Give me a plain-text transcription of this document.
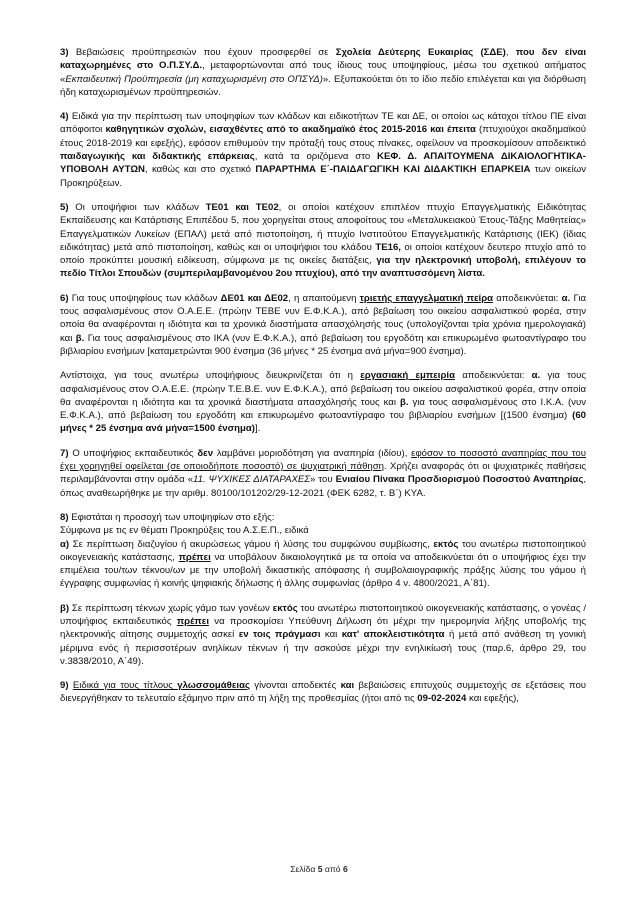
3) Βεβαιώσεις προϋπηρεσιών που έχουν προσφερθεί σε Σχολεία Δεύτερης Ευκαιρίας (ΣΔΕ), που δεν είναι καταχωρημένες στο Ο.Π.ΣΥ.Δ., μεταφορτώνονται από τους ίδιους τους υποψηφίους, μέσω του σχετικού αιτήματος «Εκπαιδευτική Προϋπηρεσία (μη καταχωρισμένη στο ΟΠΣΥΔ)». Εξυπακούεται ότι το ίδιο πεδίο επιλέγεται και για διόρθωση ήδη καταχωρισμένων προϋπηρεσιών.

4) Ειδικά για την περίπτωση των υποψηφίων των κλάδων και ειδικοτήτων ΤΕ και ΔΕ, οι οποίοι ως κάτοχοι τίτλου ΠΕ είναι απόφοιτοι καθηγητικών σχολών, εισαχθέντες από το ακαδημαϊκό έτος 2015-2016 και έπειτα (πτυχιούχοι ακαδημαϊκού έτους 2018-2019 και εφεξής), εφόσον επιθυμούν την πρόταξή τους στους πίνακες, οφείλουν να προσκομίσουν αποδεικτικό παιδαγωγικής και διδακτικής επάρκειας, κατά τα οριζόμενα στο ΚΕΦ. Δ. ΑΠΑΙΤΟΥΜΕΝΑ ΔΙΚΑΙΟΛΟΓΗΤΙΚΑ-ΥΠΟΒΟΛΗ ΑΥΤΩΝ, καθώς και στο σχετικό ΠΑΡΑΡΤΗΜΑ Ε΄-ΠΑΙΔΑΓΩΓΙΚΗ ΚΑΙ ΔΙΔΑΚΤΙΚΗ ΕΠΑΡΚΕΙΑ των οικείων Προκηρύξεων.

5) Οι υποψήφιοι των κλάδων ΤΕ01 και ΤΕ02, οι οποίοι κατέχουν επιπλέον πτυχίο Επαγγελματικής Ειδικότητας Εκπαίδευσης και Κατάρτισης Επιπέδου 5, που χορηγείται στους αποφοίτους του «Μεταλυκειακού Έτους-Τάξης Μαθητείας» Επαγγελματικών Λυκείων (ΕΠΑΛ) μετά από πιστοποίηση, ή πτυχίο Ινστιτούτου Επαγγελματικής Κατάρτισης (ΙΕΚ) (ίδιας ειδικότητας) μετά από πιστοποίηση, καθώς και οι υποψήφιοι του κλάδου ΤΕ16, οι οποίοι κατέχουν δευτερο πτυχίο από το οποίο προκύπτει μουσική ειδίκευση, σύμφωνα με τις οικείες διατάξεις, για την ηλεκτρονική υποβολή, επιλέγουν το πεδίο Τίτλοι Σπουδών (συμπεριλαμβανομένου 2ου πτυχίου), από την αναπτυσσόμενη λίστα.

6) Για τους υποψηφίους των κλάδων ΔΕ01 και ΔΕ02, η απαιτούμενη τριετής επαγγελματική πείρα αποδεικνύεται: α. Για τους ασφαλισμένους στον Ο.Α.Ε.Ε. (πρώην ΤΕΒΕ νυν Ε.Φ.Κ.Α.), από βεβαίωση του οικείου ασφαλιστικού φορέα, στην οποία θα αναφέρονται η ιδιότητα και τα χρονικά διαστήματα απασχόλησής τους (υπολογίζονται τρία χρόνια ημερολογιακά) και β. Για τους ασφαλισμένους στο ΙΚΑ (νυν Ε.Φ.Κ.Α.), από βεβαίωση του εργοδότη και επικυρωμένο φωτοαντίγραφο του βιβλιαρίου ενσήμων [καταμετρώνται 900 ένσημα (36 μήνες * 25 ένσημα ανά μήνα=900 ένσημα).

Αντίστοιχα, για τους ανωτέρω υποψήφιους διευκρινίζεται ότι η εργασιακή εμπειρία αποδεικνύεται: α. για τους ασφαλισμένους στον Ο.Α.Ε.Ε. (πρώην Τ.Ε.Β.Ε. νυν Ε.Φ.Κ.Α.), από βεβαίωση του οικείου ασφαλιστικού φορέα, στην οποία θα αναφέρονται η ιδιότητα και τα χρονικά διαστήματα απασχόλησής τους και β. για τους ασφαλισμένους στο Ι.Κ.Α. (νυν Ε.Φ.Κ.Α.), από βεβαίωση του εργοδότη και επικυρωμένο φωτοαντίγραφο του βιβλιαρίου ενσήμων [(1500 ένσημα) (60 μήνες * 25 ένσημα ανά μήνα=1500 ένσημα)].

7) Ο υποψήφιος εκπαιδευτικός δεν λαμβάνει μοριοδότηση για αναπηρία (ιδίου), εφόσον το ποσοστό αναπηρίας που του έχει χορηγηθεί οφείλεται (σε οποιοδήποτε ποσοστό) σε ψυχιατρική πάθηση. Χρήζει αναφοράς ότι οι ψυχιατρικές παθήσεις περιλαμβάνονται στην ομάδα «11. ΨΥΧΙΚΕΣ ΔΙΑΤΑΡΑΧΕΣ» του Ενιαίου Πίνακα Προσδιορισμού Ποσοστού Αναπηρίας, όπως αναθεωρήθηκε με την αριθμ. 80100/101202/29-12-2021 (ΦΕΚ 6282, τ. Β΄) ΚΥΑ.

8) Εφιστάται η προσοχή των υποψηφίων στο εξής:

Σύμφωνα με τις εν θέματι Προκηρύξεις του Α.Σ.Ε.Π., ειδικά
α) Σε περίπτωση διαζυγίου ή ακυρώσεως γάμου ή λύσης του συμφώνου συμβίωσης, εκτός του ανωτέρω πιστοποιητικού οικογενειακής κατάστασης, πρέπει να υποβάλουν δικαιολογητικά με τα οποία να αποδεικνύεται ότι ο υποψήφιος έχει την επιμέλεια του/των τέκνου/ων με την υποβολή δικαστικής απόφασης ή συμβολαιογραφικής πράξης λύσης του γάμου ή έγγραφης συμφωνίας ή κοινής ψηφιακής δήλωσης ή άλλης συμφωνίας (άρθρο 4 ν. 4800/2021, Α΄81).

β) Σε περίπτωση τέκνων χωρίς γάμο των γονέων εκτός του ανωτέρω πιστοποιητικού οικογενειακής κατάστασης, ο γονέας /υποψήφιος εκπαιδευτικός πρέπει να προσκομίσει Υπεύθυνη Δήλωση ότι μέχρι την ημερομηνία λήξης υποβολής της ηλεκτρονικής αίτησης συμμετοχής ασκεί εν τοις πράγμασι και κατ' αποκλειστικότητα ή μετά από ανάθεση τη γονική μέριμνα ενός ή περισσοτέρων ανηλίκων τέκνων ή την ασκούσε μέχρι την ενηλικίωσή τους (παρ.6, άρθρο 29, του ν.3838/2010, Α΄49).

9) Ειδικά για τους τίτλους γλωσσομάθειας γίνονται αποδεκτές και βεβαιώσεις επιτυχούς συμμετοχής σε εξετάσεις που διενεργήθηκαν το τελευταίο εξάμηνο πριν από τη λήξη της προθεσμίας (ήτοι από τις 09-02-2024 και εφεξής),

Σελίδα 5 από 6
